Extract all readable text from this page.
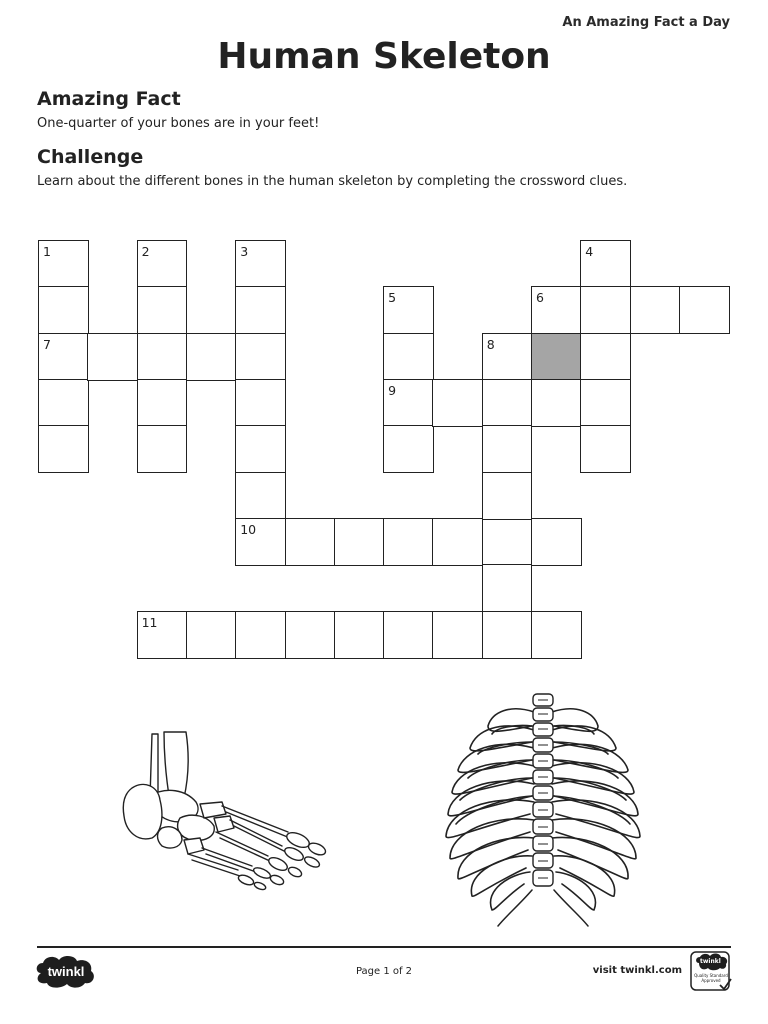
An Amazing Fact a Day
Human Skeleton
Amazing Fact
One-quarter of your bones are in your feet!
Challenge
Learn about the different bones in the human skeleton by completing the crossword clues.
1
7
2	3
10
5
9
8
6
4
11
twinkl	Page 1 of 2	visit twinkl.com
twinkl
Quality Standard
Approved
